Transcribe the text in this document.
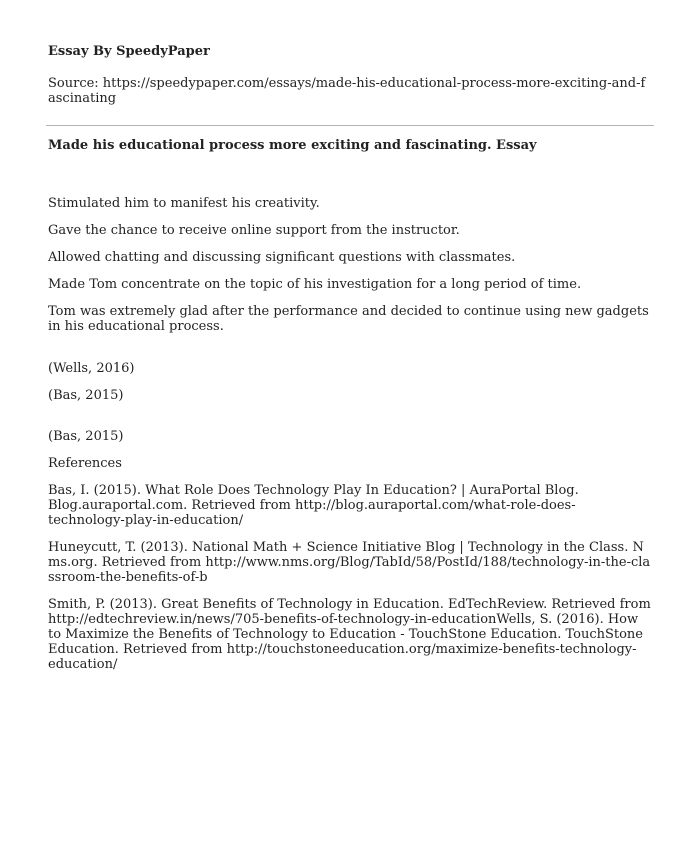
Essay By SpeedyPaper
Source: https://speedypaper.com/essays/made-his-educational-process-more-exciting-and-fascinating
Made his educational process more exciting and fascinating. Essay

Stimulated him to manifest his creativity.

Gave the chance to receive online support from the instructor.

Allowed chatting and discussing significant questions with classmates.

Made Tom concentrate on the topic of his investigation for a long period of time.

Tom was extremely glad after the performance and decided to continue using new gadgets in his educational process.

(Wells, 2016)

(Bas, 2015)

(Bas, 2015)

References

Bas, I. (2015). What Role Does Technology Play In Education? | AuraPortal Blog. Blog.auraportal.com. Retrieved from http://blog.auraportal.com/what-role-does-technology-play-in-education/

Huneycutt, T. (2013). National Math + Science Initiative Blog | Technology in the Class. Nms.org. Retrieved from http://www.nms.org/Blog/TabId/58/PostId/188/technology-in-the-classroom-the-benefits-of-b

Smith, P. (2013). Great Benefits of Technology in Education. EdTechReview. Retrieved from http://edtechreview.in/news/705-benefits-of-technology-in-educationWells, S. (2016). How to Maximize the Benefits of Technology to Education - TouchStone Education. TouchStone Education. Retrieved from http://touchstoneeducation.org/maximize-benefits-technology-education/
